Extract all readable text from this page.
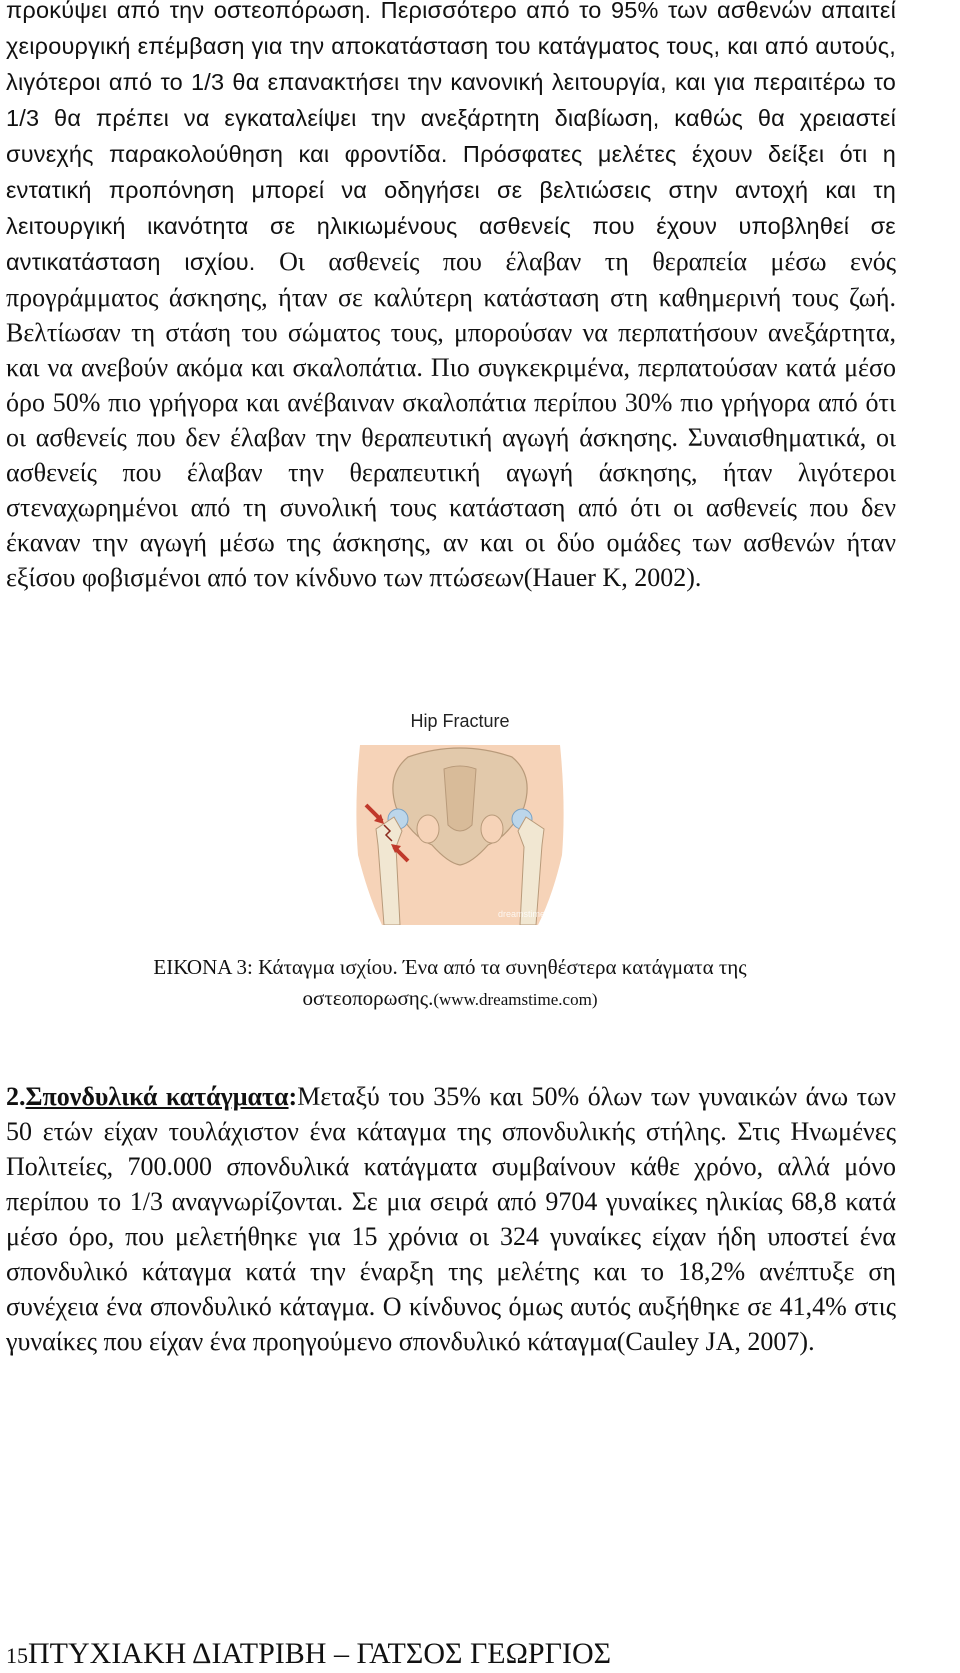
προκύψει από την οστεοπόρωση. Περισσότερο από το 95% των ασθενών απαιτεί χειρουργική επέμβαση για την αποκατάσταση του κατάγματος τους, και από αυτούς, λιγότεροι από το 1/3 θα επανακτήσει την κανονική λειτουργία, και για περαιτέρω το 1/3 θα πρέπει να εγκαταλείψει την ανεξάρτητη διαβίωση, καθώς θα χρειαστεί συνεχής παρακολούθηση και φροντίδα. Πρόσφατες μελέτες έχουν δείξει ότι η εντατική προπόνηση μπορεί να οδηγήσει σε βελτιώσεις στην αντοχή και τη λειτουργική ικανότητα σε ηλικιωμένους ασθενείς που έχουν υποβληθεί σε αντικατάσταση ισχίου. Οι ασθενείς που έλαβαν τη θεραπεία μέσω ενός προγράμματος άσκησης, ήταν σε καλύτερη κατάσταση στη καθημερινή τους ζωή. Βελτίωσαν τη στάση του σώματος τους, μπορούσαν να περπατήσουν ανεξάρτητα, και να ανεβούν ακόμα και σκαλοπάτια. Πιο συγκεκριμένα, περπατούσαν κατά μέσο όρο 50% πιο γρήγορα και ανέβαιναν σκαλοπάτια περίπου 30% πιο γρήγορα από ότι οι ασθενείς που δεν έλαβαν την θεραπευτική αγωγή άσκησης. Συναισθηματικά, οι ασθενείς που έλαβαν την θεραπευτική αγωγή άσκησης, ήταν λιγότεροι στεναχωρημένοι από τη συνολική τους κατάσταση από ότι οι ασθενείς που δεν έκαναν την αγωγή μέσω της άσκησης, αν και οι δύο ομάδες των ασθενών ήταν εξίσου φοβισμένοι από τον κίνδυνο των πτώσεων(Hauer K, 2002).

Hip Fracture
dreamstime.com
ΕΙΚΟΝΑ 3: Κάταγμα ισχίου. Ένα από τα συνηθέστερα κατάγματα της
οστεοπορωσης.(www.dreamstime.com)

2.Σπονδυλικά κατάγματα:Μεταξύ του 35% και 50% όλων των γυναικών άνω των 50 ετών είχαν τουλάχιστον ένα κάταγμα της σπονδυλικής στήλης. Στις Ηνωμένες Πολιτείες, 700.000 σπονδυλικά κατάγματα συμβαίνουν κάθε χρόνο, αλλά μόνο περίπου το 1/3 αναγνωρίζονται. Σε μια σειρά από 9704 γυναίκες ηλικίας 68,8 κατά μέσο όρο, που μελετήθηκε για 15 χρόνια οι 324 γυναίκες είχαν ήδη υποστεί ένα σπονδυλικό κάταγμα κατά την έναρξη της μελέτης και το 18,2% ανέπτυξε ση συνέχεια ένα σπονδυλικό κάταγμα. Ο κίνδυνος όμως αυτός αυξήθηκε σε 41,4% στις γυναίκες που είχαν ένα προηγούμενο σπονδυλικό κάταγμα(Cauley JA, 2007).

15ΠΤΥΧΙΑΚΗ ΔΙΑΤΡΙΒΗ – ΓΑΤΣΟΣ ΓΕΩΡΓΙΟΣ
